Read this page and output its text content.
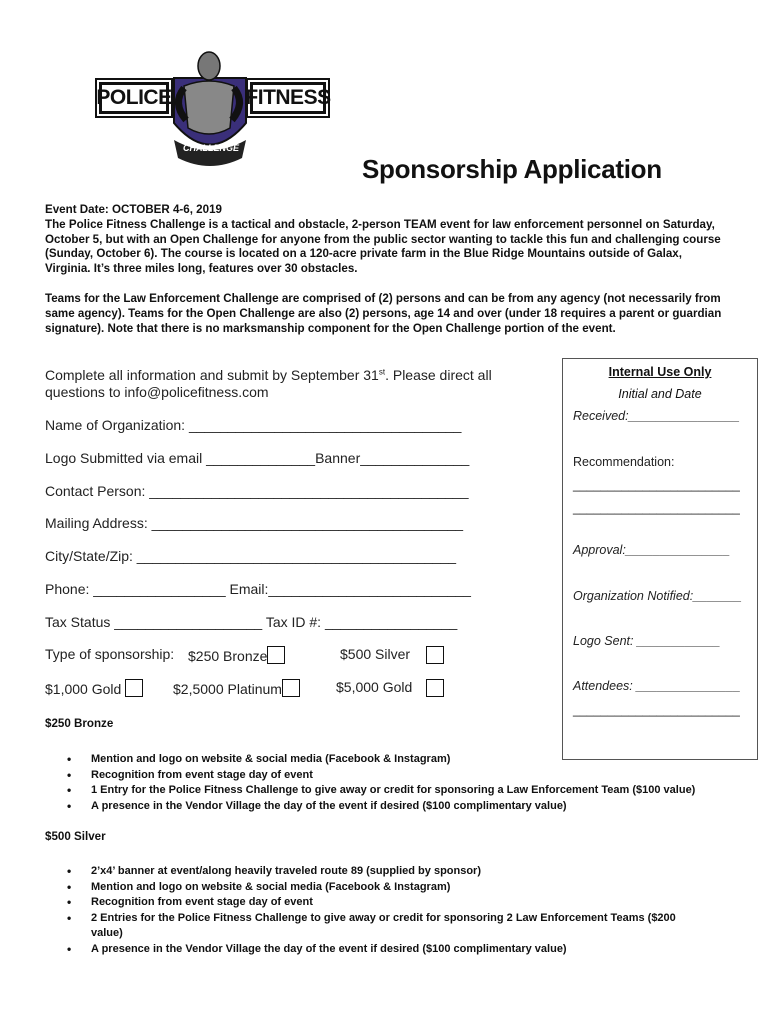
POLICE	FITNESS
CHALLENGE
Sponsorship Application
Event Date: OCTOBER 4-6, 2019
The Police Fitness Challenge is a tactical and obstacle, 2-person TEAM event for law enforcement personnel on Saturday, October 5, but with an Open Challenge for anyone from the public sector wanting to tackle this fun and challenging course (Sunday, October 6). The course is located on a 120-acre private farm in the Blue Ridge Mountains outside of Galax, Virginia. It’s three miles long, features over 30 obstacles.
Teams for the Law Enforcement Challenge are comprised of (2) persons and can be from any agency (not necessarily from same agency). Teams for the Open Challenge are also (2) persons, age 14 and over (under 18 requires a parent or guardian signature). Note that there is no marksmanship component for the Open Challenge portion of the event.
Complete all information and submit by September 31st. Please direct all
questions to info@policefitness.com
Name of Organization: ___________________________________
Logo Submitted via email ______________Banner______________
Contact Person: _________________________________________
Mailing Address: ________________________________________
City/State/Zip: _________________________________________
Phone: _________________ Email:__________________________
Tax Status ___________________ Tax ID #: _________________
Type of sponsorship: $250 Bronze	$500 Silver
$1,000 Gold	$2,5000 Platinum	$5,000 Gold
Internal Use Only
Initial and Date
Received:________________
Recommendation:
________________________
________________________
Approval:_______________
Organization Notified:_______
Logo Sent: ____________
Attendees: _______________
________________________
$250 Bronze
• Mention and logo on website & social media (Facebook & Instagram)
• Recognition from event stage day of event
• 1 Entry for the Police Fitness Challenge to give away or credit for sponsoring a Law Enforcement Team ($100 value)
• A presence in the Vendor Village the day of the event if desired ($100 complimentary value)
$500 Silver
• 2’x4’ banner at event/along heavily traveled route 89 (supplied by sponsor)
• Mention and logo on website & social media (Facebook & Instagram)
• Recognition from event stage day of event
• 2 Entries for the Police Fitness Challenge to give away or credit for sponsoring 2 Law Enforcement Teams ($200 value)
• A presence in the Vendor Village the day of the event if desired ($100 complimentary value)
